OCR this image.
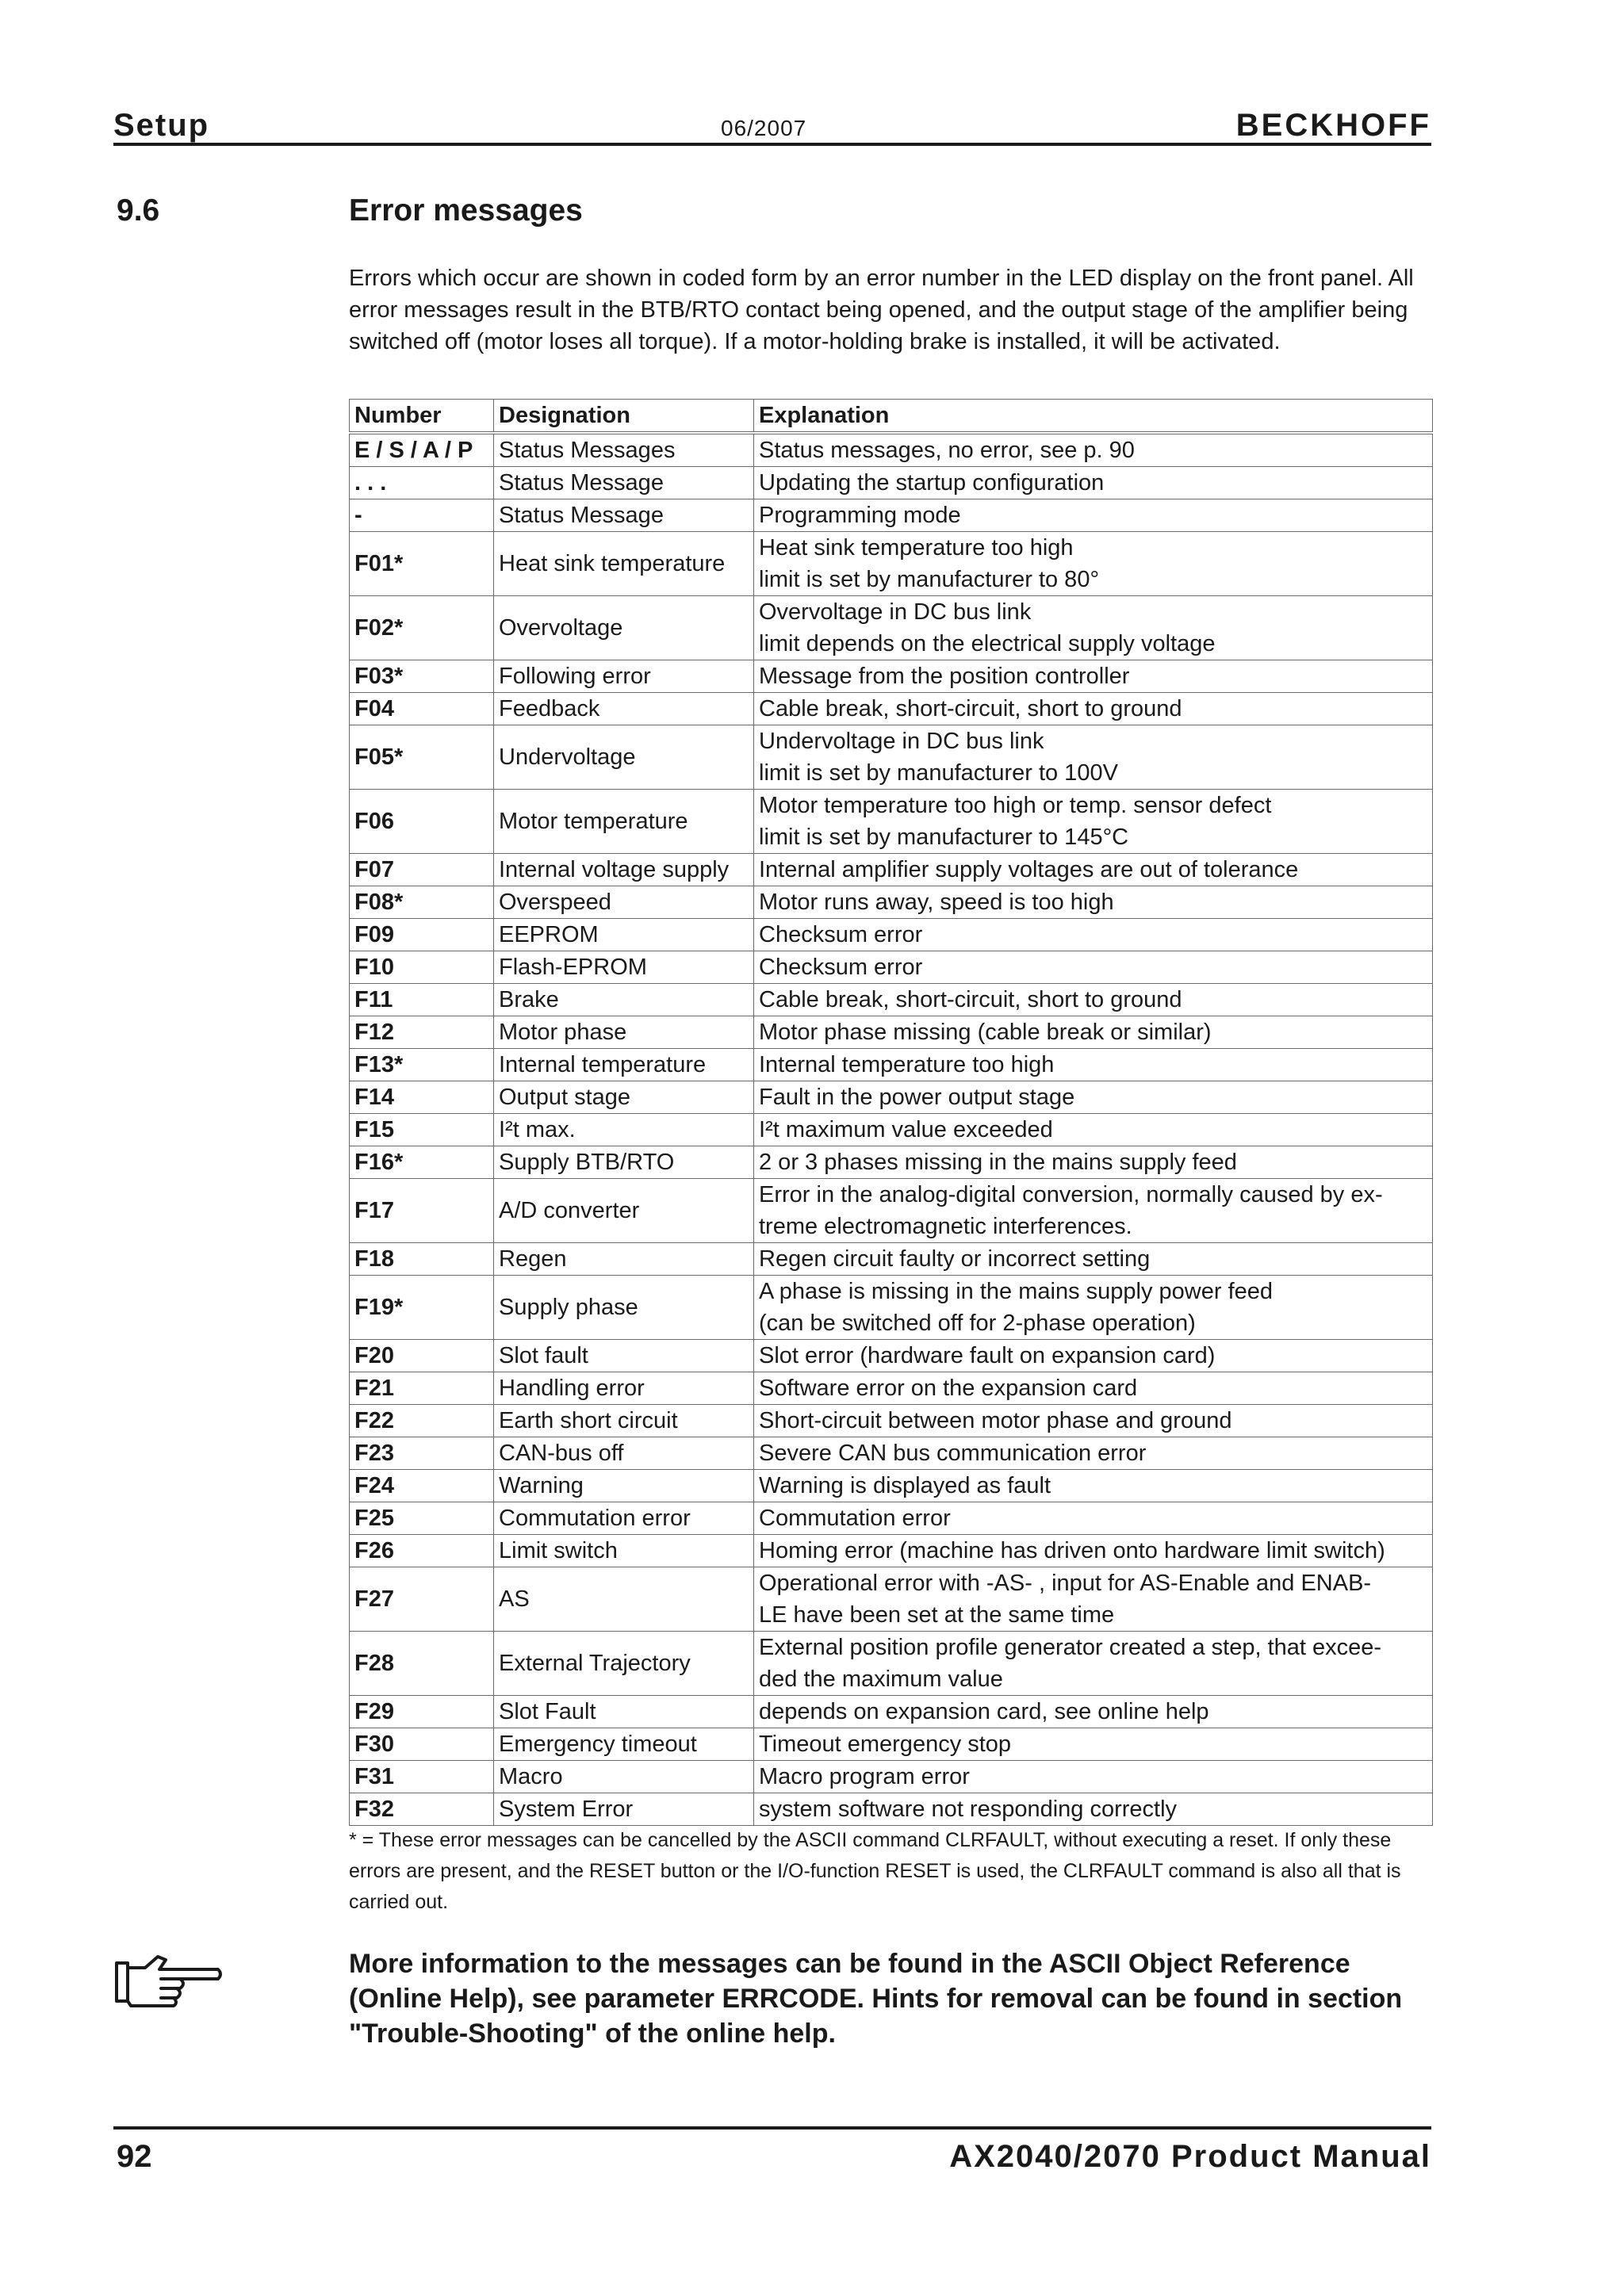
Setup	06/2007	BECKHOFF
9.6	Error messages

Errors which occur are shown in coded form by an error number in the LED display on the front panel. All error messages result in the BTB/RTO contact being opened, and the output stage of the amplifier being switched off (motor loses all torque). If a motor-holding brake is installed, it will be activated.

Number	Designation	Explanation
E / S / A / P	Status Messages	Status messages, no error, see p. 90

. . .	Status Message	Updating the startup configuration

-	Status Message	Programming mode

F01*	Heat sink temperature	Heat sink temperature too high
limit is set by manufacturer to 80°

F02*	Overvoltage	Overvoltage in DC bus link
limit depends on the electrical supply voltage

F03*	Following error	Message from the position controller

F04	Feedback	Cable break, short-circuit, short to ground

F05*	Undervoltage	Undervoltage in DC bus link
limit is set by manufacturer to 100V

F06	Motor temperature	Motor temperature too high or temp. sensor defect
limit is set by manufacturer to 145°C

F07	Internal voltage supply	Internal amplifier supply voltages are out of tolerance

F08*	Overspeed	Motor runs away, speed is too high

F09	EEPROM	Checksum error

F10	Flash-EPROM	Checksum error

F11	Brake	Cable break, short-circuit, short to ground

F12	Motor phase	Motor phase missing (cable break or similar)

F13*	Internal temperature	Internal temperature too high

F14	Output stage	Fault in the power output stage

F15	I²t max.	I²t maximum value exceeded

F16*	Supply BTB/RTO	2 or 3 phases missing in the mains supply feed

F17	A/D converter	Error in the analog-digital conversion, normally caused by ex-
treme electromagnetic interferences.

F18	Regen	Regen circuit faulty or incorrect setting

F19*	Supply phase	A phase is missing in the mains supply power feed
(can be switched off for 2-phase operation)

F20	Slot fault	Slot error (hardware fault on expansion card)

F21	Handling error	Software error on the expansion card

F22	Earth short circuit	Short-circuit between motor phase and ground

F23	CAN-bus off	Severe CAN bus communication error

F24	Warning	Warning is displayed as fault

F25	Commutation error	Commutation error

F26	Limit switch	Homing error (machine has driven onto hardware limit switch)

F27	AS	Operational error with -AS- , input for AS-Enable and ENAB-
LE have been set at the same time

F28	External Trajectory	External position profile generator created a step, that excee-
ded the maximum value

F29	Slot Fault	depends on expansion card, see online help

F30	Emergency timeout	Timeout emergency stop

F31	Macro	Macro program error

F32	System Error	system software not responding correctly

* = These error messages can be cancelled by the ASCII command CLRFAULT, without executing a reset. If only these errors are present, and the RESET button or the I/O-function RESET is used, the CLRFAULT command is also all that is carried out.

More information to the messages can be found in the ASCII Object Reference (Online Help), see parameter ERRCODE. Hints for removal can be found in section "Trouble-Shooting" of the online help.

92	AX2040/2070 Product Manual
